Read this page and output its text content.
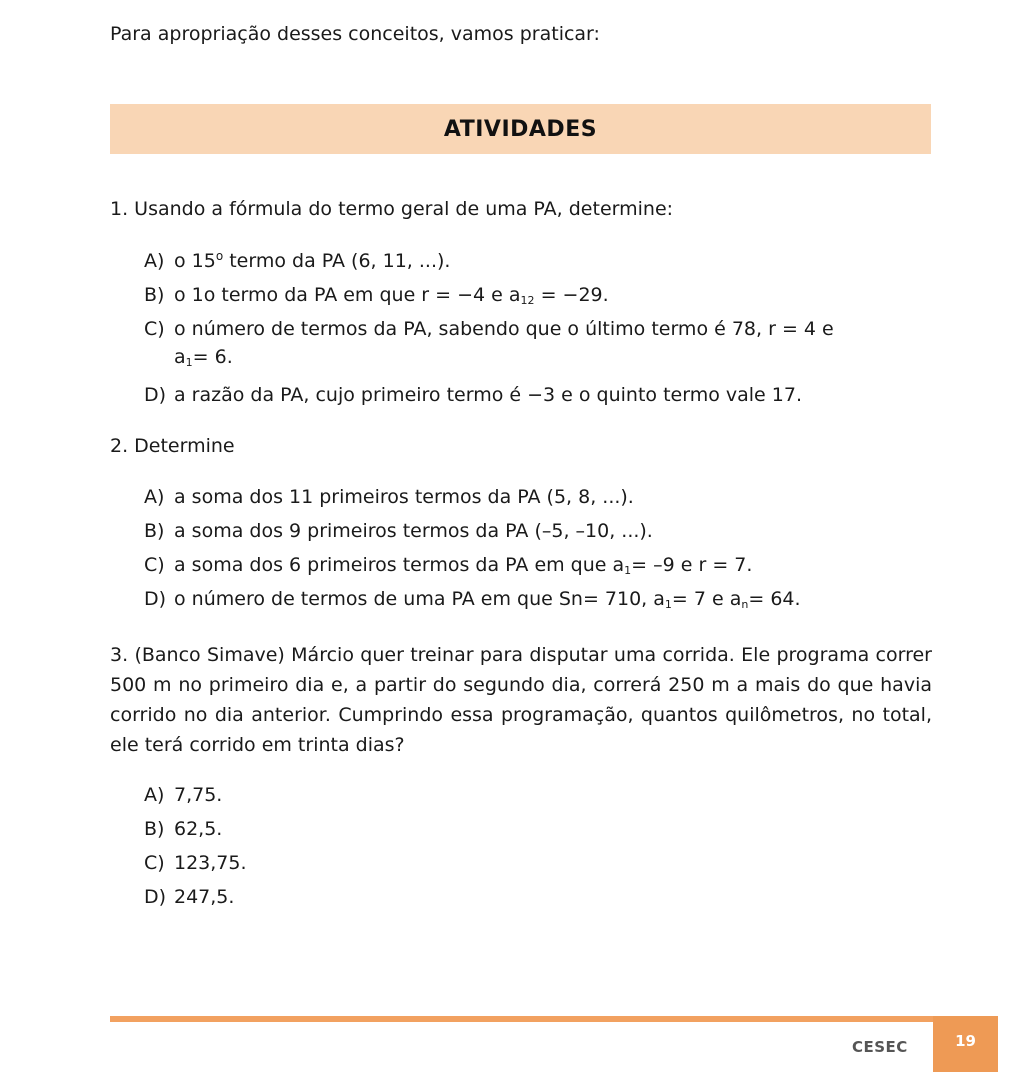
Para apropriação desses conceitos, vamos praticar:
ATIVIDADES
1. Usando a fórmula do termo geral de uma PA, determine:
A) o 15$^o$ termo da PA (6, 11, ...).
B) o 1o termo da PA em que r = −4 e $a_{12} = -29$.
C) o número de termos da PA, sabendo que o último termo é 78, r = 4 e
$a_1= 6$.
D) a razão da PA, cujo primeiro termo é −3 e o quinto termo vale 17.
2. Determine
A) a soma dos 11 primeiros termos da PA (5, 8, ...).
B) a soma dos 9 primeiros termos da PA (–5, –10, ...).
C) a soma dos 6 primeiros termos da PA em que $a_1= -9$ e r = 7.
D) o número de termos de uma PA em que Sn= 710, $a_1= 7$ e $a_n= 64$.
3. (Banco Simave) Márcio quer treinar para disputar uma corrida. Ele programa correr 500 m no primeiro dia e, a partir do segundo dia, correrá 250 m a mais do que havia corrido no dia anterior. Cumprindo essa programação, quantos quilômetros, no total, ele terá corrido em trinta dias?
A) 7,75.
B) 62,5.
C) 123,75.
D) 247,5.
CESEC	19
